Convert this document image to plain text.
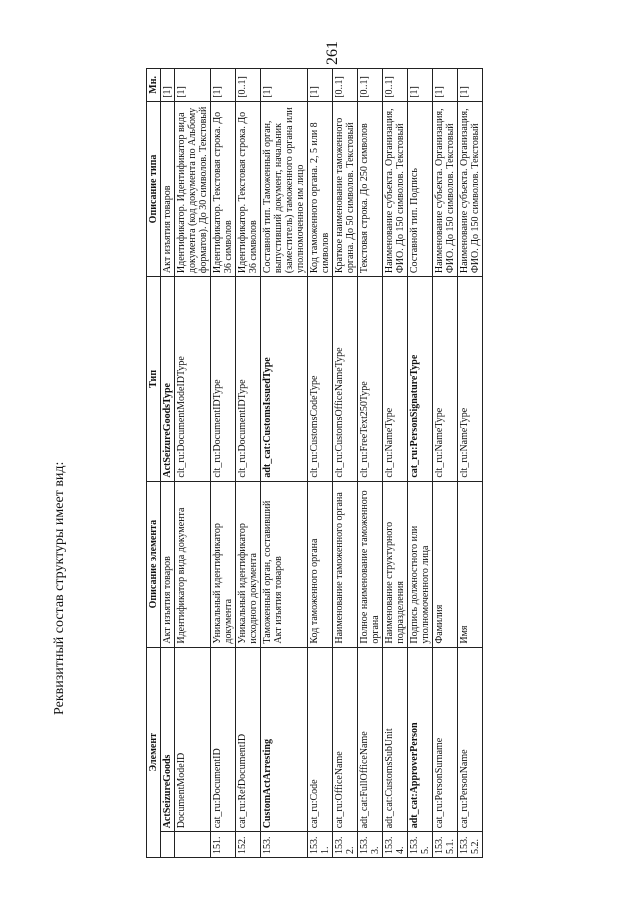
261
Реквизитный состав структуры имеет вид:
Элемент		Описание элемента	Тип	Описание типа	Мн.
	ActSeizureGoods	Акт изъятия товаров	ActSeizureGoodsType	Акт изъятия товаров	[1]
	DocumentModeID	Идентификатор вида документа	clt_ru:DocumentModeIDType	Идентификатор. Идентификатор вида документа (код документа по Альбому форматов). До 30 символов. Текстовый	[1]
151.	cat_ru:DocumentID	Уникальный идентификатор документа	clt_ru:DocumentIDType	Идентификатор. Текстовая строка. До 36 символов	[1]
152.	cat_ru:RefDocumentID	Уникальный идентификатор исходного документа	clt_ru:DocumentIDType	Идентификатор. Текстовая строка. До 36 символов	[0..1]
153.	CustomActArresting	Таможенный орган, составивший Акт изъятия товаров	adt_cat:CustomsIssuedType	Составной тип. Таможенный орган, выпустивший документ, начальник (заместитель) таможенного органа или уполномоченное им лицо	[1]
153.1.	cat_ru:Code	Код таможенного органа	clt_ru:CustomsCodeType	Код таможенного органа. 2, 5 или 8 символов	[1]
153.2.	cat_ru:OfficeName	Наименование таможенного органа	clt_ru:CustomsOfficeNameType	Краткое наименование таможенного органа. До 50 символов. Текстовый	[0..1]
153.3.	adt_cat:FullOfficeName	Полное наименование таможенного органа	clt_ru:FreeText250Type	Текстовая строка. До 250 символов	[0..1]
153.4.	adt_cat:CustomsSubUnit	Наименование структурного подразделения	clt_ru:NameType	Наименование субъекта. Организация, ФИО. До 150 символов. Текстовый	[0..1]
153.5.	adt_cat:ApproverPerson	Подпись должностного или уполномоченного лица	cat_ru:PersonSignatureType	Составной тип. Подпись	[1]
153.5.1.	cat_ru:PersonSurname	Фамилия	clt_ru:NameType	Наименование субъекта. Организация, ФИО. До 150 символов. Текстовый	[1]
153.5.2.	cat_ru:PersonName	Имя	clt_ru:NameType	Наименование субъекта. Организация, ФИО. До 150 символов. Текстовый	[1]
